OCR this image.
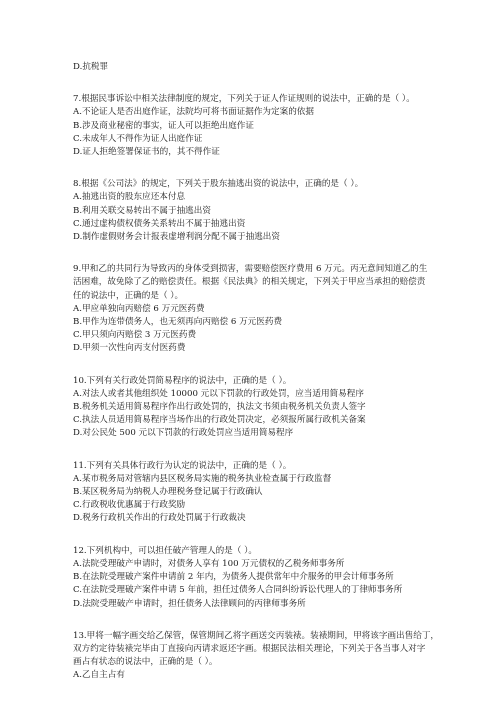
D.抗税罪
7.根据民事诉讼中相关法律制度的规定，下列关于证人作证规则的说法中，正确的是（ ）。
A.不论证人是否出庭作证，法院均可将书面证据作为定案的依据
B.涉及商业秘密的事实，证人可以拒绝出庭作证
C.未成年人不得作为证人出庭作证
D.证人拒绝签署保证书的，其不得作证
8.根据《公司法》的规定，下列关于股东抽逃出资的说法中，正确的是（ ）。
A.抽逃出资的股东应还本付息
B.利用关联交易转出不属于抽逃出资
C.通过虚构债权债务关系转出不属于抽逃出资
D.制作虚假财务会计报表虚增利润分配不属于抽逃出资
9.甲和乙的共同行为导致丙的身体受到损害，需要赔偿医疗费用 6 万元。丙无意间知道乙的生
活困难，故免除了乙的赔偿责任。根据《民法典》的相关规定，下列关于甲应当承担的赔偿责
任的说法中，正确的是（ ）。
A.甲应单独向丙赔偿 6 万元医药费
B.甲作为连带债务人，也无须再向丙赔偿 6 万元医药费
C.甲只须向丙赔偿 3 万元医药费
D.甲须一次性向丙支付医药费
10.下列有关行政处罚简易程序的说法中，正确的是（ ）。
A.对法人或者其他组织处 10000 元以下罚款的行政处罚，应当适用简易程序
B.税务机关适用简易程序作出行政处罚的，执法文书须由税务机关负责人签字
C.执法人员适用简易程序当场作出的行政处罚决定，必须报所属行政机关备案
D.对公民处 500 元以下罚款的行政处罚应当适用简易程序
11.下列有关具体行政行为认定的说法中，正确的是（ ）。
A.某市税务局对管辖内县区税务局实施的税务执业检查属于行政监督
B.某区税务局为纳税人办理税务登记属于行政确认
C.行政税收优惠属于行政奖励
D.税务行政机关作出的行政处罚属于行政裁决
12.下列机构中，可以担任破产管理人的是（ ）。
A.法院受理破产申请时，对债务人享有 100 万元债权的乙税务师事务所
B.在法院受理破产案件申请前 2 年内，为债务人提供常年中介服务的甲会计师事务所
C.在法院受理破产案件申请 5 年前，担任过债务人合同纠纷诉讼代理人的丁律师事务所
D.法院受理破产申请时，担任债务人法律顾问的丙律师事务所
13.甲将一幅字画交给乙保管，保管期间乙将字画送交丙装裱。装裱期间，甲将该字画出售给丁，
双方约定待装裱完毕由丁直接向丙请求返还字画。根据民法相关理论，下列关于各当事人对字
画占有状态的说法中，正确的是（ ）。
A.乙自主占有
